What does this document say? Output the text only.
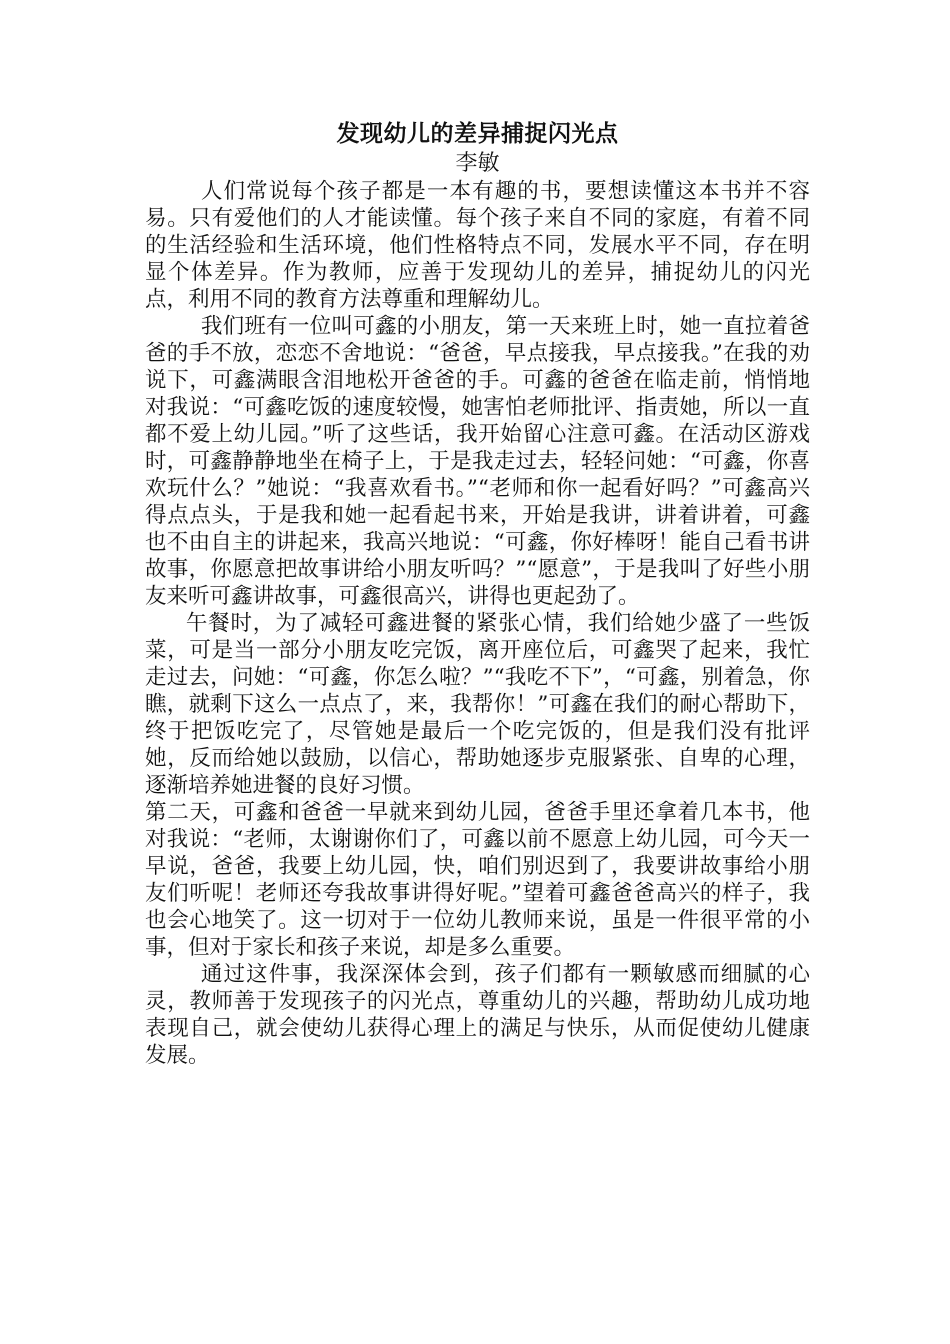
发现幼儿的差异捕捉闪光点

李敏

人们常说每个孩子都是一本有趣的书，要想读懂这本书并不容易。只有爱他们的人才能读懂。每个孩子来自不同的家庭，有着不同的生活经验和生活环境，他们性格特点不同，发展水平不同，存在明显个体差异。作为教师，应善于发现幼儿的差异，捕捉幼儿的闪光点，利用不同的教育方法尊重和理解幼儿。

我们班有一位叫可鑫的小朋友，第一天来班上时，她一直拉着爸爸的手不放，恋恋不舍地说：“爸爸，早点接我，早点接我。”在我的劝说下，可鑫满眼含泪地松开爸爸的手。可鑫的爸爸在临走前，悄悄地对我说：“可鑫吃饭的速度较慢，她害怕老师批评、指责她，所以一直都不爱上幼儿园。”听了这些话，我开始留心注意可鑫。在活动区游戏时，可鑫静静地坐在椅子上，于是我走过去，轻轻问她：“可鑫，你喜欢玩什么？”她说：“我喜欢看书。”“老师和你一起看好吗？”可鑫高兴得点点头，于是我和她一起看起书来，开始是我讲，讲着讲着，可鑫也不由自主的讲起来，我高兴地说：“可鑫，你好棒呀！能自己看书讲故事，你愿意把故事讲给小朋友听吗？”“愿意”，于是我叫了好些小朋友来听可鑫讲故事，可鑫很高兴，讲得也更起劲了。

午餐时，为了减轻可鑫进餐的紧张心情，我们给她少盛了一些饭菜，可是当一部分小朋友吃完饭，离开座位后，可鑫哭了起来，我忙走过去，问她：“可鑫，你怎么啦？”“我吃不下”，“可鑫，别着急，你瞧，就剩下这么一点点了，来，我帮你！”可鑫在我们的耐心帮助下，终于把饭吃完了，尽管她是最后一个吃完饭的，但是我们没有批评她，反而给她以鼓励，以信心，帮助她逐步克服紧张、自卑的心理，逐渐培养她进餐的良好习惯。

第二天，可鑫和爸爸一早就来到幼儿园，爸爸手里还拿着几本书，他对我说：“老师，太谢谢你们了，可鑫以前不愿意上幼儿园，可今天一早说，爸爸，我要上幼儿园，快，咱们别迟到了，我要讲故事给小朋友们听呢！老师还夸我故事讲得好呢。”望着可鑫爸爸高兴的样子，我也会心地笑了。这一切对于一位幼儿教师来说，虽是一件很平常的小事，但对于家长和孩子来说，却是多么重要。

通过这件事，我深深体会到，孩子们都有一颗敏感而细腻的心灵，教师善于发现孩子的闪光点，尊重幼儿的兴趣，帮助幼儿成功地表现自己，就会使幼儿获得心理上的满足与快乐，从而促使幼儿健康发展。
